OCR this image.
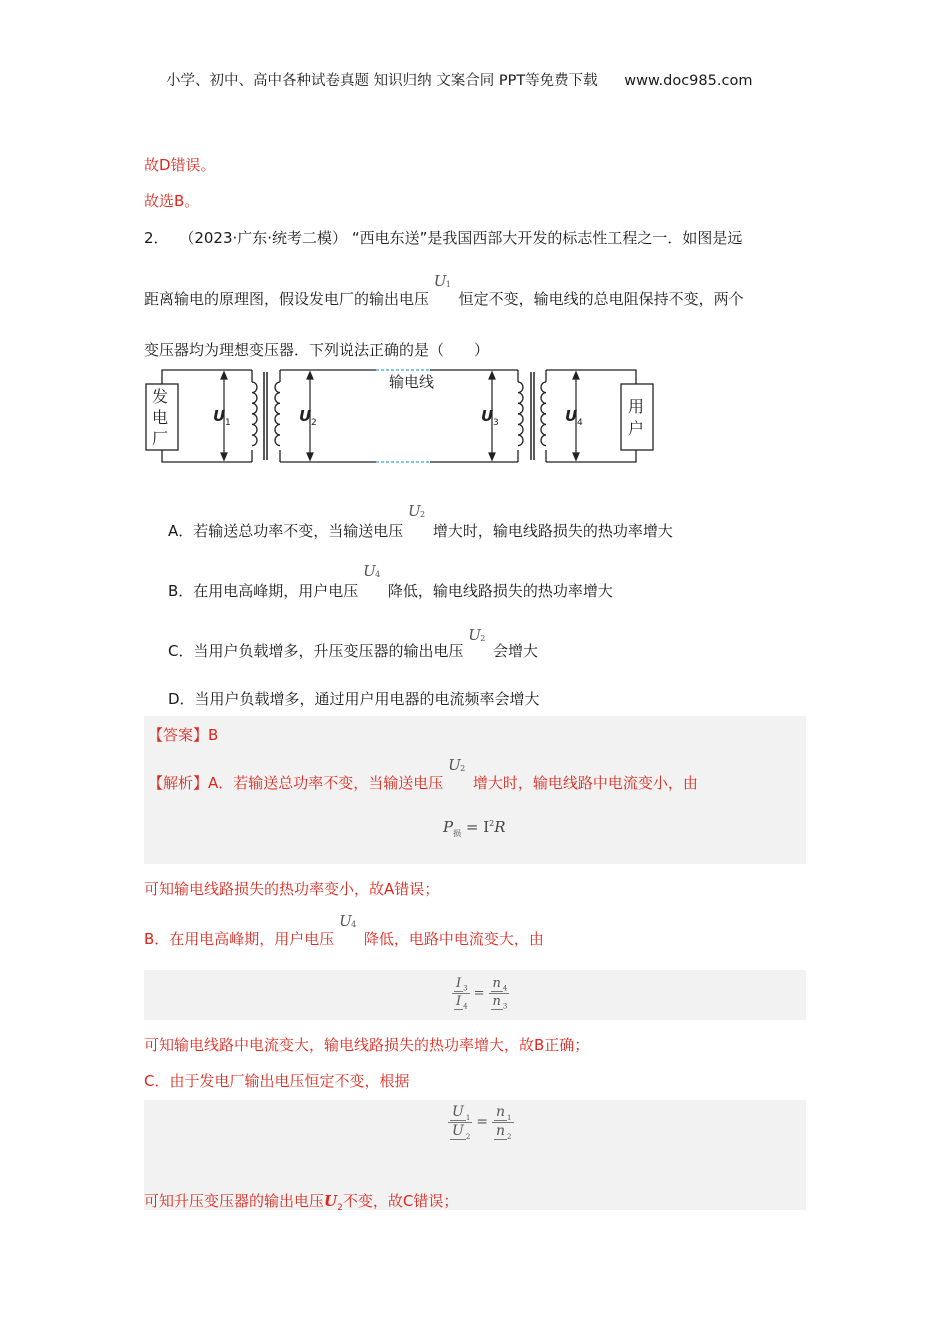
小学、初中、高中各种试卷真题 知识归纳 文案合同 PPT等免费下载 www.doc985.com
故D错误。
故选B。
2． （2023·广东·统考二模） “西电东送”是我国西部大开发的标志性工程之一．如图是远
距离输电的原理图，假设发电厂的输出电压 U 1
恒定不变，输电线的总电阻保持不变，两个
变压器均为理想变压器．下列说法正确的是（　　）
发
电
厂
用
户
输电线
U 1	U 2	U 3	U 4
A．若输送总功率不变，当输送电压 U 2
增大时，输电线路损失的热功率增大
B．在用电高峰期，用户电压 U 4
降低，输电线路损失的热功率增大
C．当用户负载增多，升压变压器的输出电压 U 2
会增大
D．当用户负载增多，通过用户用电器的电流频率会增大
【答案】B
【解析】A．若输送总功率不变，当输送电压 U 2
增大时，输电线路中电流变小，由
$P_损 = I^2R$
可知输电线路损失的热功率变小，故A错误；
B．在用电高峰期，用户电压 U 4
降低，电路中电流变大，由
$\frac{I _3}{I _4} = \frac{n _4}{n _3}$
可知输电线路中电流变大，输电线路损失的热功率增大，故B正确；
C．由于发电厂输出电压恒定不变，根据
$\frac{U _1}{U _2} = \frac{n _1}{n _2}$
可知升压变压器的输出电压$U_2$不变，故C错误；
